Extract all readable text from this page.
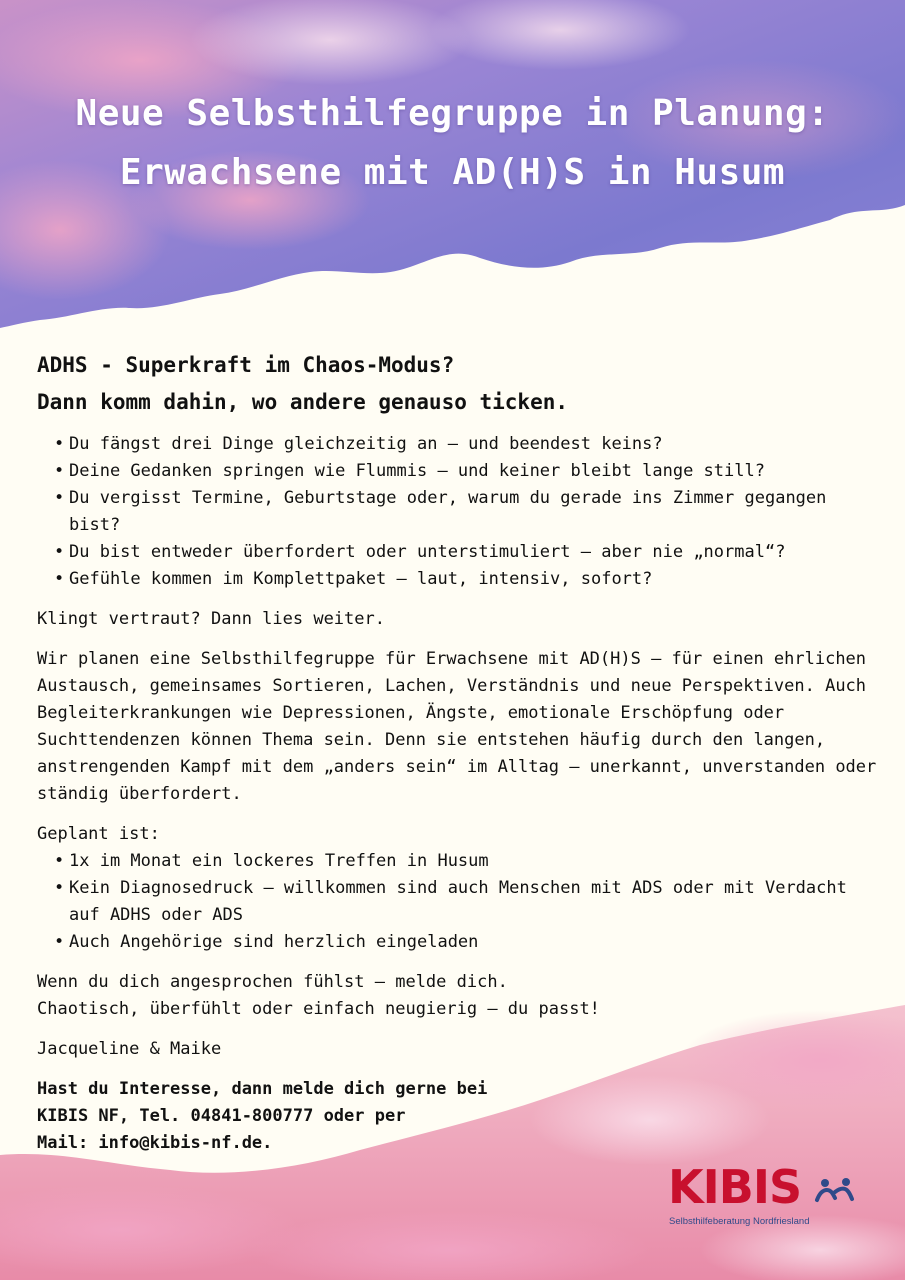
Neue Selbsthilfegruppe in Planung:
Erwachsene mit AD(H)S in Husum

ADHS - Superkraft im Chaos-Modus?

Dann komm dahin, wo andere genauso ticken.

• Du fängst drei Dinge gleichzeitig an – und beendest keins?
• Deine Gedanken springen wie Flummis – und keiner bleibt lange still?
• Du vergisst Termine, Geburtstage oder, warum du gerade ins Zimmer gegangen bist?
• Du bist entweder überfordert oder unterstimuliert – aber nie „normal“?
• Gefühle kommen im Komplettpaket – laut, intensiv, sofort?

Klingt vertraut? Dann lies weiter.

Wir planen eine Selbsthilfegruppe für Erwachsene mit AD(H)S – für einen ehrlichen Austausch, gemeinsames Sortieren, Lachen, Verständnis und neue Perspektiven. Auch Begleiterkrankungen wie Depressionen, Ängste, emotionale Erschöpfung oder Suchttendenzen können Thema sein. Denn sie entstehen häufig durch den langen, anstrengenden Kampf mit dem „anders sein“ im Alltag – unerkannt, unverstanden oder ständig überfordert.

Geplant ist:

• 1x im Monat ein lockeres Treffen in Husum
• Kein Diagnosedruck – willkommen sind auch Menschen mit ADS oder mit Verdacht auf ADHS oder ADS
• Auch Angehörige sind herzlich eingeladen

Wenn du dich angesprochen fühlst – melde dich.

Chaotisch, überfühlt oder einfach neugierig – du passt!

Jacqueline & Maike

Hast du Interesse, dann melde dich gerne bei

KIBIS NF, Tel. 04841-800777 oder per

Mail: info@kibis-nf.de.

KIBIS
Selbsthilfeberatung Nordfriesland
